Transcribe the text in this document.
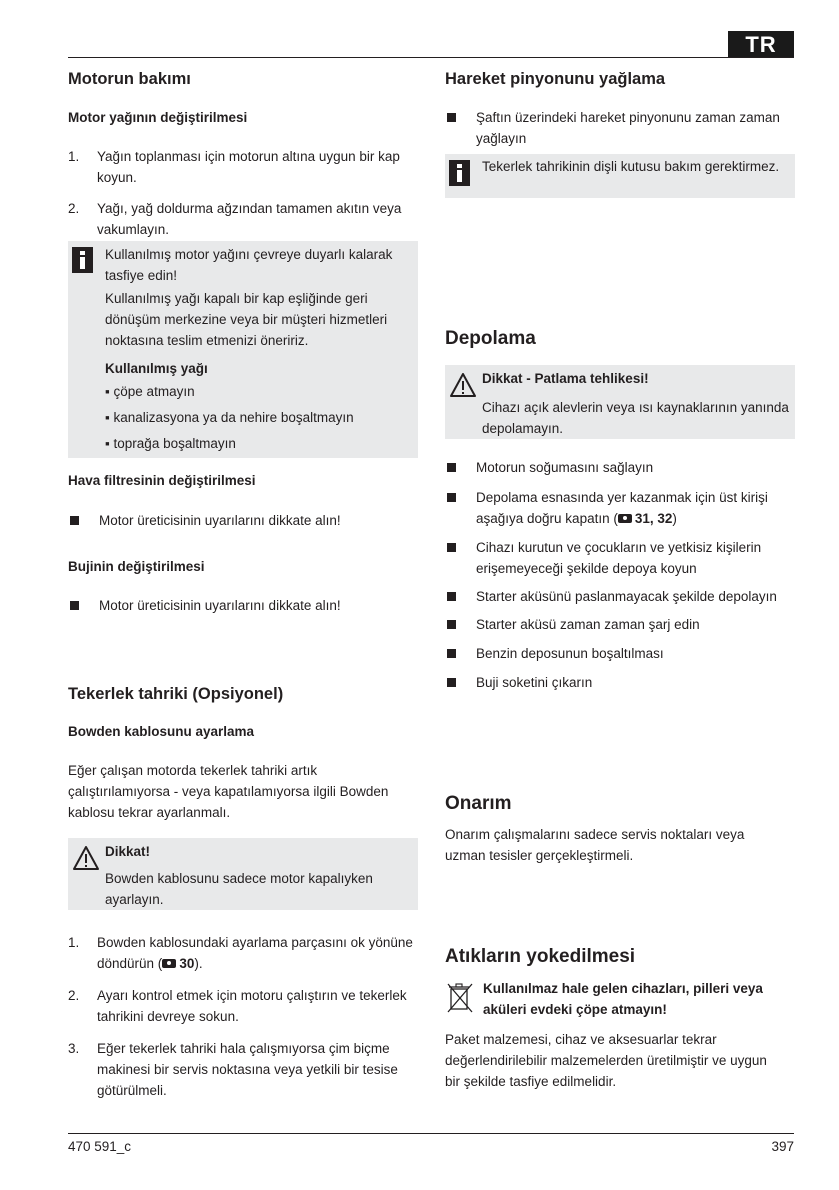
TR
Motorun bakımı
Motor yağının değiştirilmesi
1.	Yağın toplanması için motorun altına uygun bir kap koyun.
2.	Yağı, yağ doldurma ağzından tamamen akıtın veya vakumlayın.
Kullanılmış motor yağını çevreye duyarlı kalarak tasfiye edin!
Kullanılmış yağı kapalı bir kap eşliğinde geri dönüşüm merkezine veya bir müşteri hizmetleri noktasına teslim etmenizi öneririz.
Kullanılmış yağı
▪ çöpe atmayın
▪ kanalizasyona ya da nehire boşaltmayın
▪ toprağa boşaltmayın
Hava filtresinin değiştirilmesi
Motor üreticisinin uyarılarını dikkate alın!
Bujinin değiştirilmesi
Motor üreticisinin uyarılarını dikkate alın!
Tekerlek tahriki (Opsiyonel)
Bowden kablosunu ayarlama
Eğer çalışan motorda tekerlek tahriki artık çalıştırılamıyorsa - veya kapatılamıyorsa ilgili Bowden kablosu tekrar ayarlanmalı.
Dikkat!
Bowden kablosunu sadece motor kapalıyken ayarlayın.
1.	Bowden kablosundaki ayarlama parçasını ok yönüne döndürün ( 30).
2.	Ayarı kontrol etmek için motoru çalıştırın ve tekerlek tahrikini devreye sokun.
3.	Eğer tekerlek tahriki hala çalışmıyorsa çim biçme makinesi bir servis noktasına veya yetkili bir tesise götürülmeli.
Hareket pinyonunu yağlama
Şaftın üzerindeki hareket pinyonunu zaman zaman yağlayın
Tekerlek tahrikinin dişli kutusu bakım gerektirmez.
Depolama
Dikkat - Patlama tehlikesi!
Cihazı açık alevlerin veya ısı kaynaklarının yanında depolamayın.
Motorun soğumasını sağlayın
Depolama esnasında yer kazanmak için üst kirişi aşağıya doğru kapatın ( 31, 32)
Cihazı kurutun ve çocukların ve yetkisiz kişilerin erişemeyeceği şekilde depoya koyun
Starter aküsünü paslanmayacak şekilde depolayın
Starter aküsü zaman zaman şarj edin
Benzin deposunun boşaltılması
Buji soketini çıkarın
Onarım
Onarım çalışmalarını sadece servis noktaları veya uzman tesisler gerçekleştirmeli.
Atıkların yokedilmesi
Kullanılmaz hale gelen cihazları, pilleri veya aküleri evdeki çöpe atmayın!
Paket malzemesi, cihaz ve aksesuarlar tekrar değerlendirilebilir malzemelerden üretilmiştir ve uygun bir şekilde tasfiye edilmelidir.
470 591_c	397
